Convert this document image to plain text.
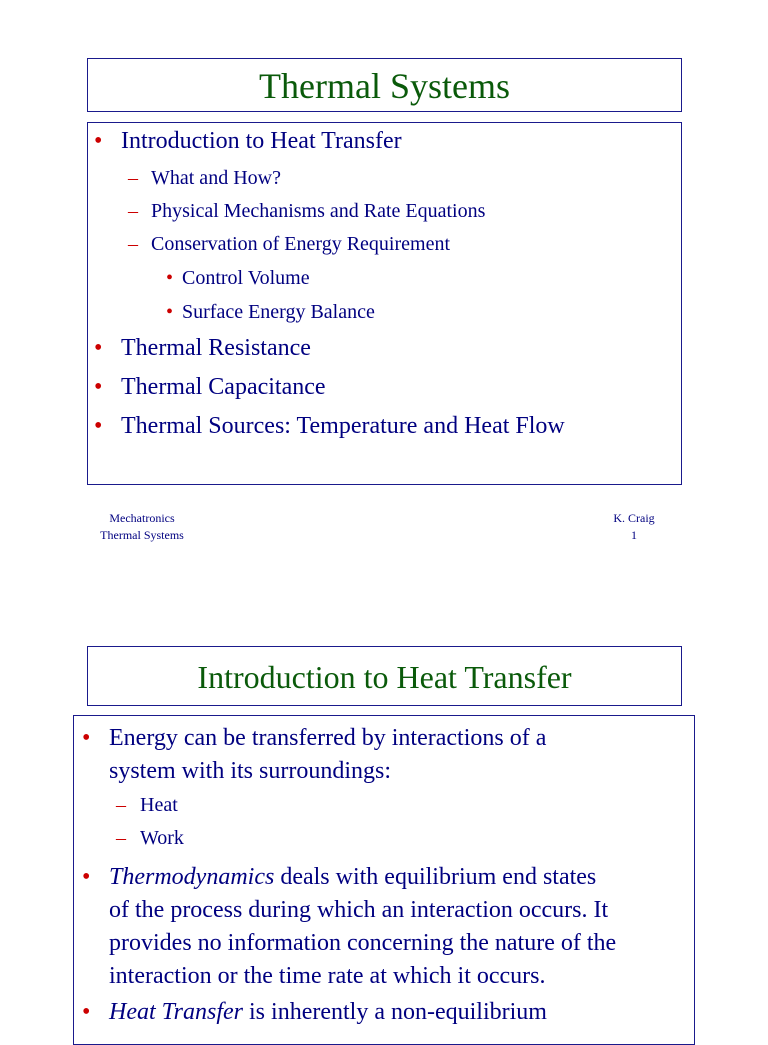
Thermal Systems
• Introduction to Heat Transfer
– What and How?
– Physical Mechanisms and Rate Equations
– Conservation of Energy Requirement
• Control Volume
• Surface Energy Balance
• Thermal Resistance
• Thermal Capacitance
• Thermal Sources: Temperature and Heat Flow
Mechatronics
Thermal Systems
K. Craig
1
Introduction to Heat Transfer
• Energy can be transferred by interactions of a
system with its surroundings:
– Heat
– Work
• Thermodynamics deals with equilibrium end states
of the process during which an interaction occurs. It
provides no information concerning the nature of the
interaction or the time rate at which it occurs.
• Heat Transfer is inherently a non-equilibrium
